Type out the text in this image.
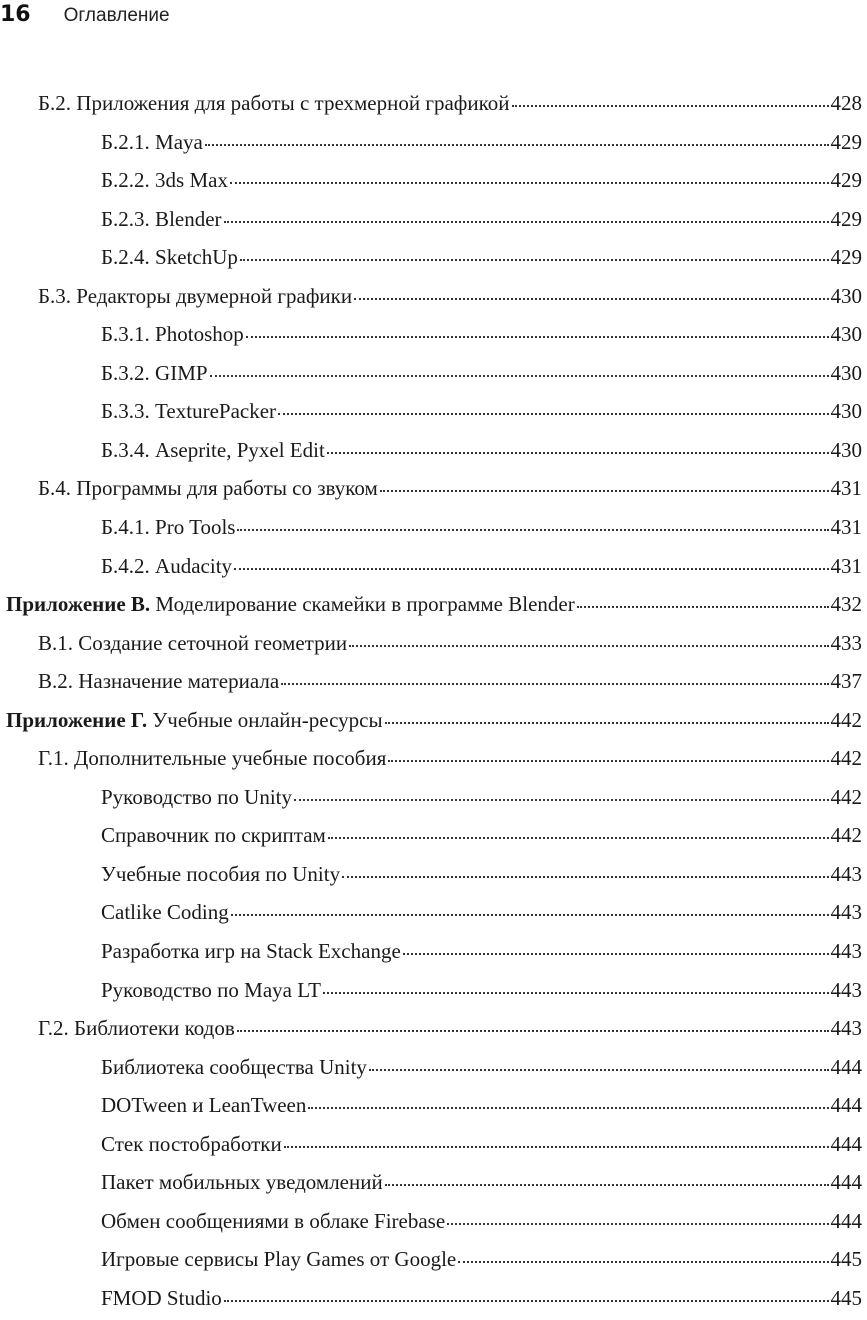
16 Оглавление
Б.2. Приложения для работы с трехмерной графикой	428
Б.2.1. Maya	429
Б.2.2. 3ds Max	429
Б.2.3. Blender	429
Б.2.4. SketchUp	429
Б.3. Редакторы двумерной графики	430
Б.3.1. Photoshop	430
Б.3.2. GIMP	430
Б.3.3. TexturePacker	430
Б.3.4. Aseprite, Pyxel Edit	430
Б.4. Программы для работы со звуком	431
Б.4.1. Pro Tools	431
Б.4.2. Audacity	431
Приложение В. Моделирование скамейки в программе Blender	432
В.1. Создание сеточной геометрии	433
В.2. Назначение материала	437
Приложение Г. Учебные онлайн-ресурсы	442
Г.1. Дополнительные учебные пособия	442
Руководство по Unity	442
Справочник по скриптам	442
Учебные пособия по Unity	443
Catlike Coding	443
Разработка игр на Stack Exchange	443
Руководство по Maya LT	443
Г.2. Библиотеки кодов	443
Библиотека сообщества Unity	444
DOTween и LeanTween	444
Стек постобработки	444
Пакет мобильных уведомлений	444
Обмен сообщениями в облаке Firebase	444
Игровые сервисы Play Games от Google	445
FMOD Studio	445
